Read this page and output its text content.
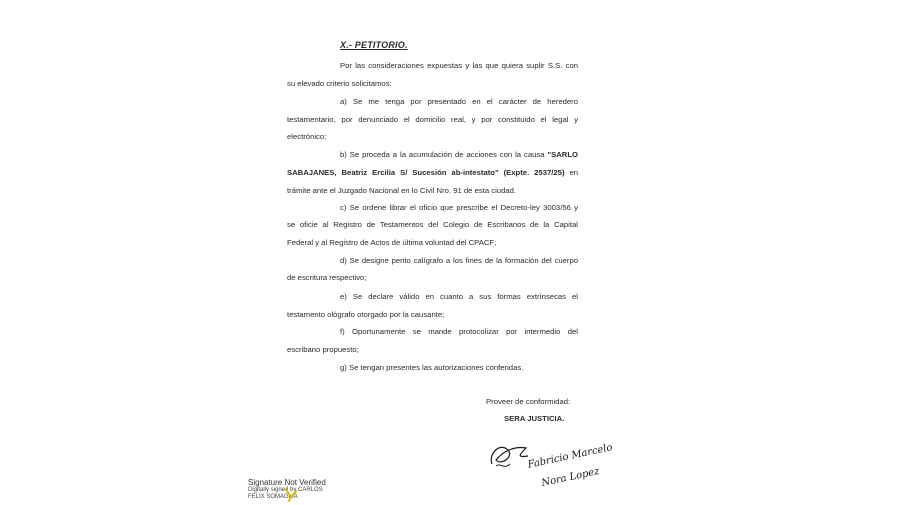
X.- PETITORIO.
Por las consideraciones expuestas y las que quiera suplir S.S. con
su elevado criterio solicitamos:
a) Se me tenga por presentado en el carácter de heredero
testamentario, por denunciado el domicilio real, y por constituido el legal y
electrónico;
b) Se proceda a la acumulación de acciones con la causa "SARLO
SABAJANES, Beatriz Ercilia S/ Sucesión ab-intestato" (Expte. 2537/25) en
trámite ante el Juzgado Nacional en lo Civil Nro. 91 de esta ciudad.
c) Se ordene librar el oficio que prescribe el Decreto-ley 3003/56 y
se oficie al Registro de Testamentos del Colegio de Escribanos de la Capital
Federal y al Registro de Actos de última voluntad del CPACF;
d) Se designe perito calígrafo a los fines de la formación del cuerpo
de escritura respectivo;
e) Se declare válido en cuanto a sus formas extrínsecas el
testamento ológrafo otorgado por la causante;
f) Oportunamente se mande protocolizar por intermedio del
escribano propuesto;
g) Se tengan presentes las autorizaciones conferidas.
Proveer de conformidad:
SERA JUSTICIA.
Fabricio Marcelo
Nora Lopez
Signature Not Verified
Digitally signed by CARLOS
FELIX SOMAGLIA
